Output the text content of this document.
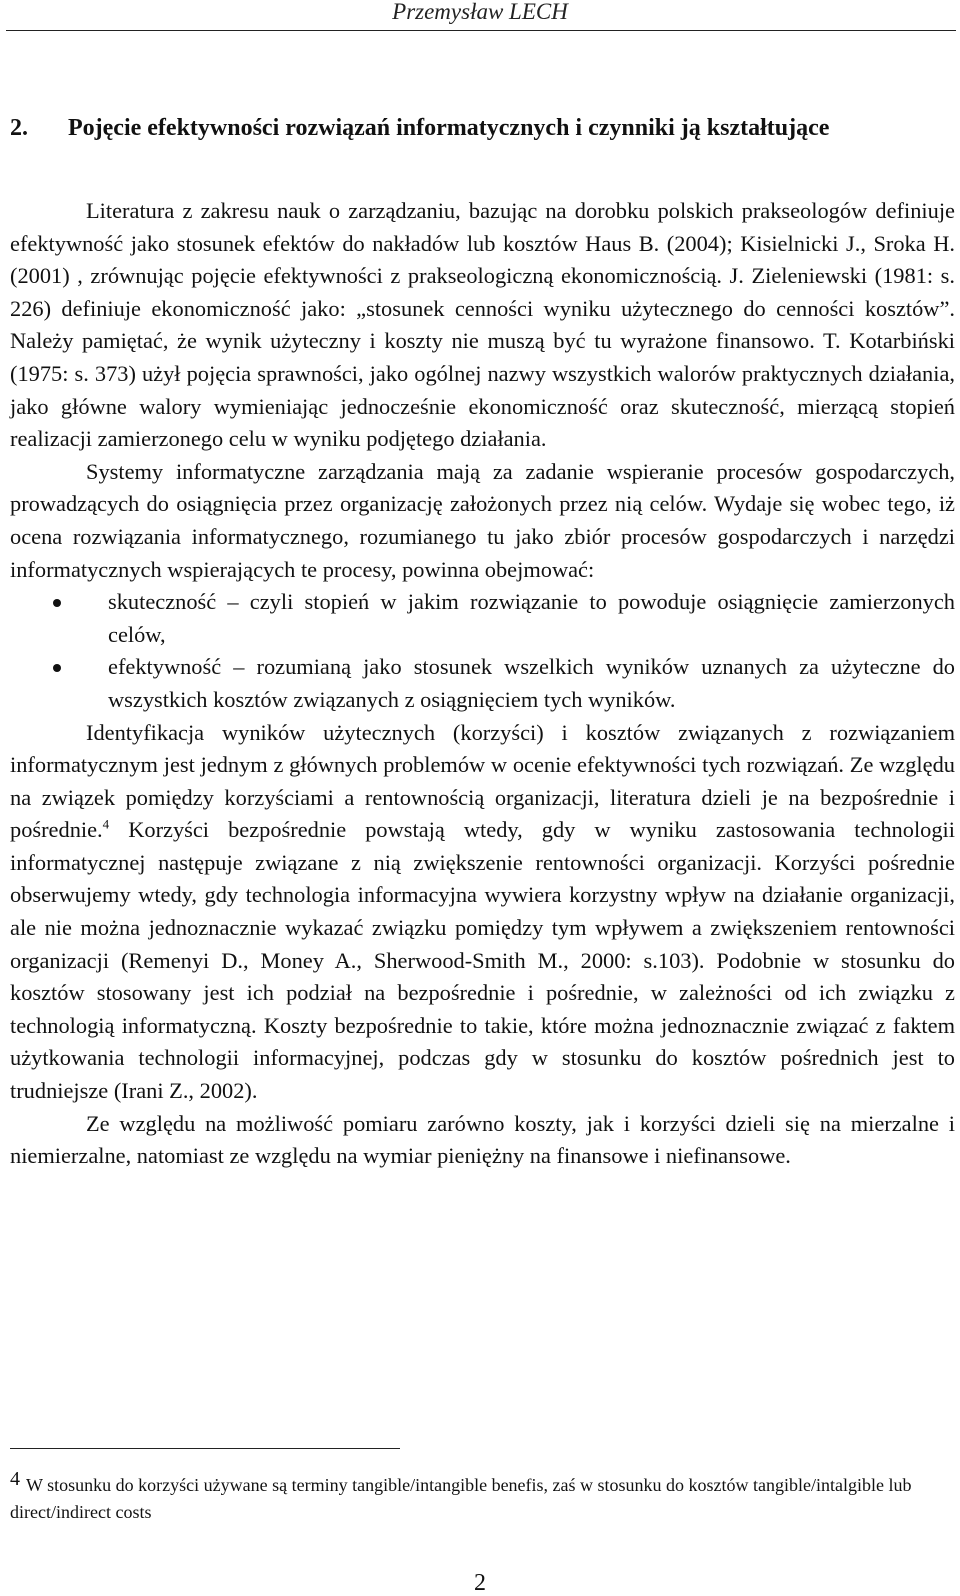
Przemysław LECH
2. Pojęcie efektywności rozwiązań informatycznych i czynniki ją kształtujące

Literatura z zakresu nauk o zarządzaniu, bazując na dorobku polskich prakseologów definiuje efektywność jako stosunek efektów do nakładów lub kosztów Haus B. (2004); Kisielnicki J., Sroka H. (2001) , zrównując pojęcie efektywności z prakseologiczną ekonomicznością. J. Zieleniewski (1981: s. 226) definiuje ekonomiczność jako: „stosunek cenności wyniku użytecznego do cenności kosztów”. Należy pamiętać, że wynik użyteczny i koszty nie muszą być tu wyrażone finansowo. T. Kotarbiński (1975: s. 373) użył pojęcia sprawności, jako ogólnej nazwy wszystkich walorów praktycznych działania, jako główne walory wymieniając jednocześnie ekonomiczność oraz skuteczność, mierzącą stopień realizacji zamierzonego celu w wyniku podjętego działania.

Systemy informatyczne zarządzania mają za zadanie wspieranie procesów gospodarczych, prowadzących do osiągnięcia przez organizację założonych przez nią celów. Wydaje się wobec tego, iż ocena rozwiązania informatycznego, rozumianego tu jako zbiór procesów gospodarczych i narzędzi informatycznych wspierających te procesy, powinna obejmować:

skuteczność – czyli stopień w jakim rozwiązanie to powoduje osiągnięcie zamierzonych celów,
efektywność – rozumianą jako stosunek wszelkich wyników uznanych za użyteczne do wszystkich kosztów związanych z osiągnięciem tych wyników.

Identyfikacja wyników użytecznych (korzyści) i kosztów związanych z rozwiązaniem informatycznym jest jednym z głównych problemów w ocenie efektywności tych rozwiązań. Ze względu na związek pomiędzy korzyściami a rentownością organizacji, literatura dzieli je na bezpośrednie i pośrednie.$^4$ Korzyści bezpośrednie powstają wtedy, gdy w wyniku zastosowania technologii informatycznej następuje związane z nią zwiększenie rentowności organizacji. Korzyści pośrednie obserwujemy wtedy, gdy technologia informacyjna wywiera korzystny wpływ na działanie organizacji, ale nie można jednoznacznie wykazać związku pomiędzy tym wpływem a zwiększeniem rentowności organizacji (Remenyi D., Money A., Sherwood-Smith M., 2000: s.103). Podobnie w stosunku do kosztów stosowany jest ich podział na bezpośrednie i pośrednie, w zależności od ich związku z technologią informatyczną. Koszty bezpośrednie to takie, które można jednoznacznie związać z faktem użytkowania technologii informacyjnej, podczas gdy w stosunku do kosztów pośrednich jest to trudniejsze (Irani Z., 2002).

Ze względu na możliwość pomiaru zarówno koszty, jak i korzyści dzieli się na mierzalne i niemierzalne, natomiast ze względu na wymiar pieniężny na finansowe i niefinansowe.

4 W stosunku do korzyści używane są terminy tangible/intangible benefis, zaś w stosunku do kosztów tangible/intalgible lub direct/indirect costs
2
